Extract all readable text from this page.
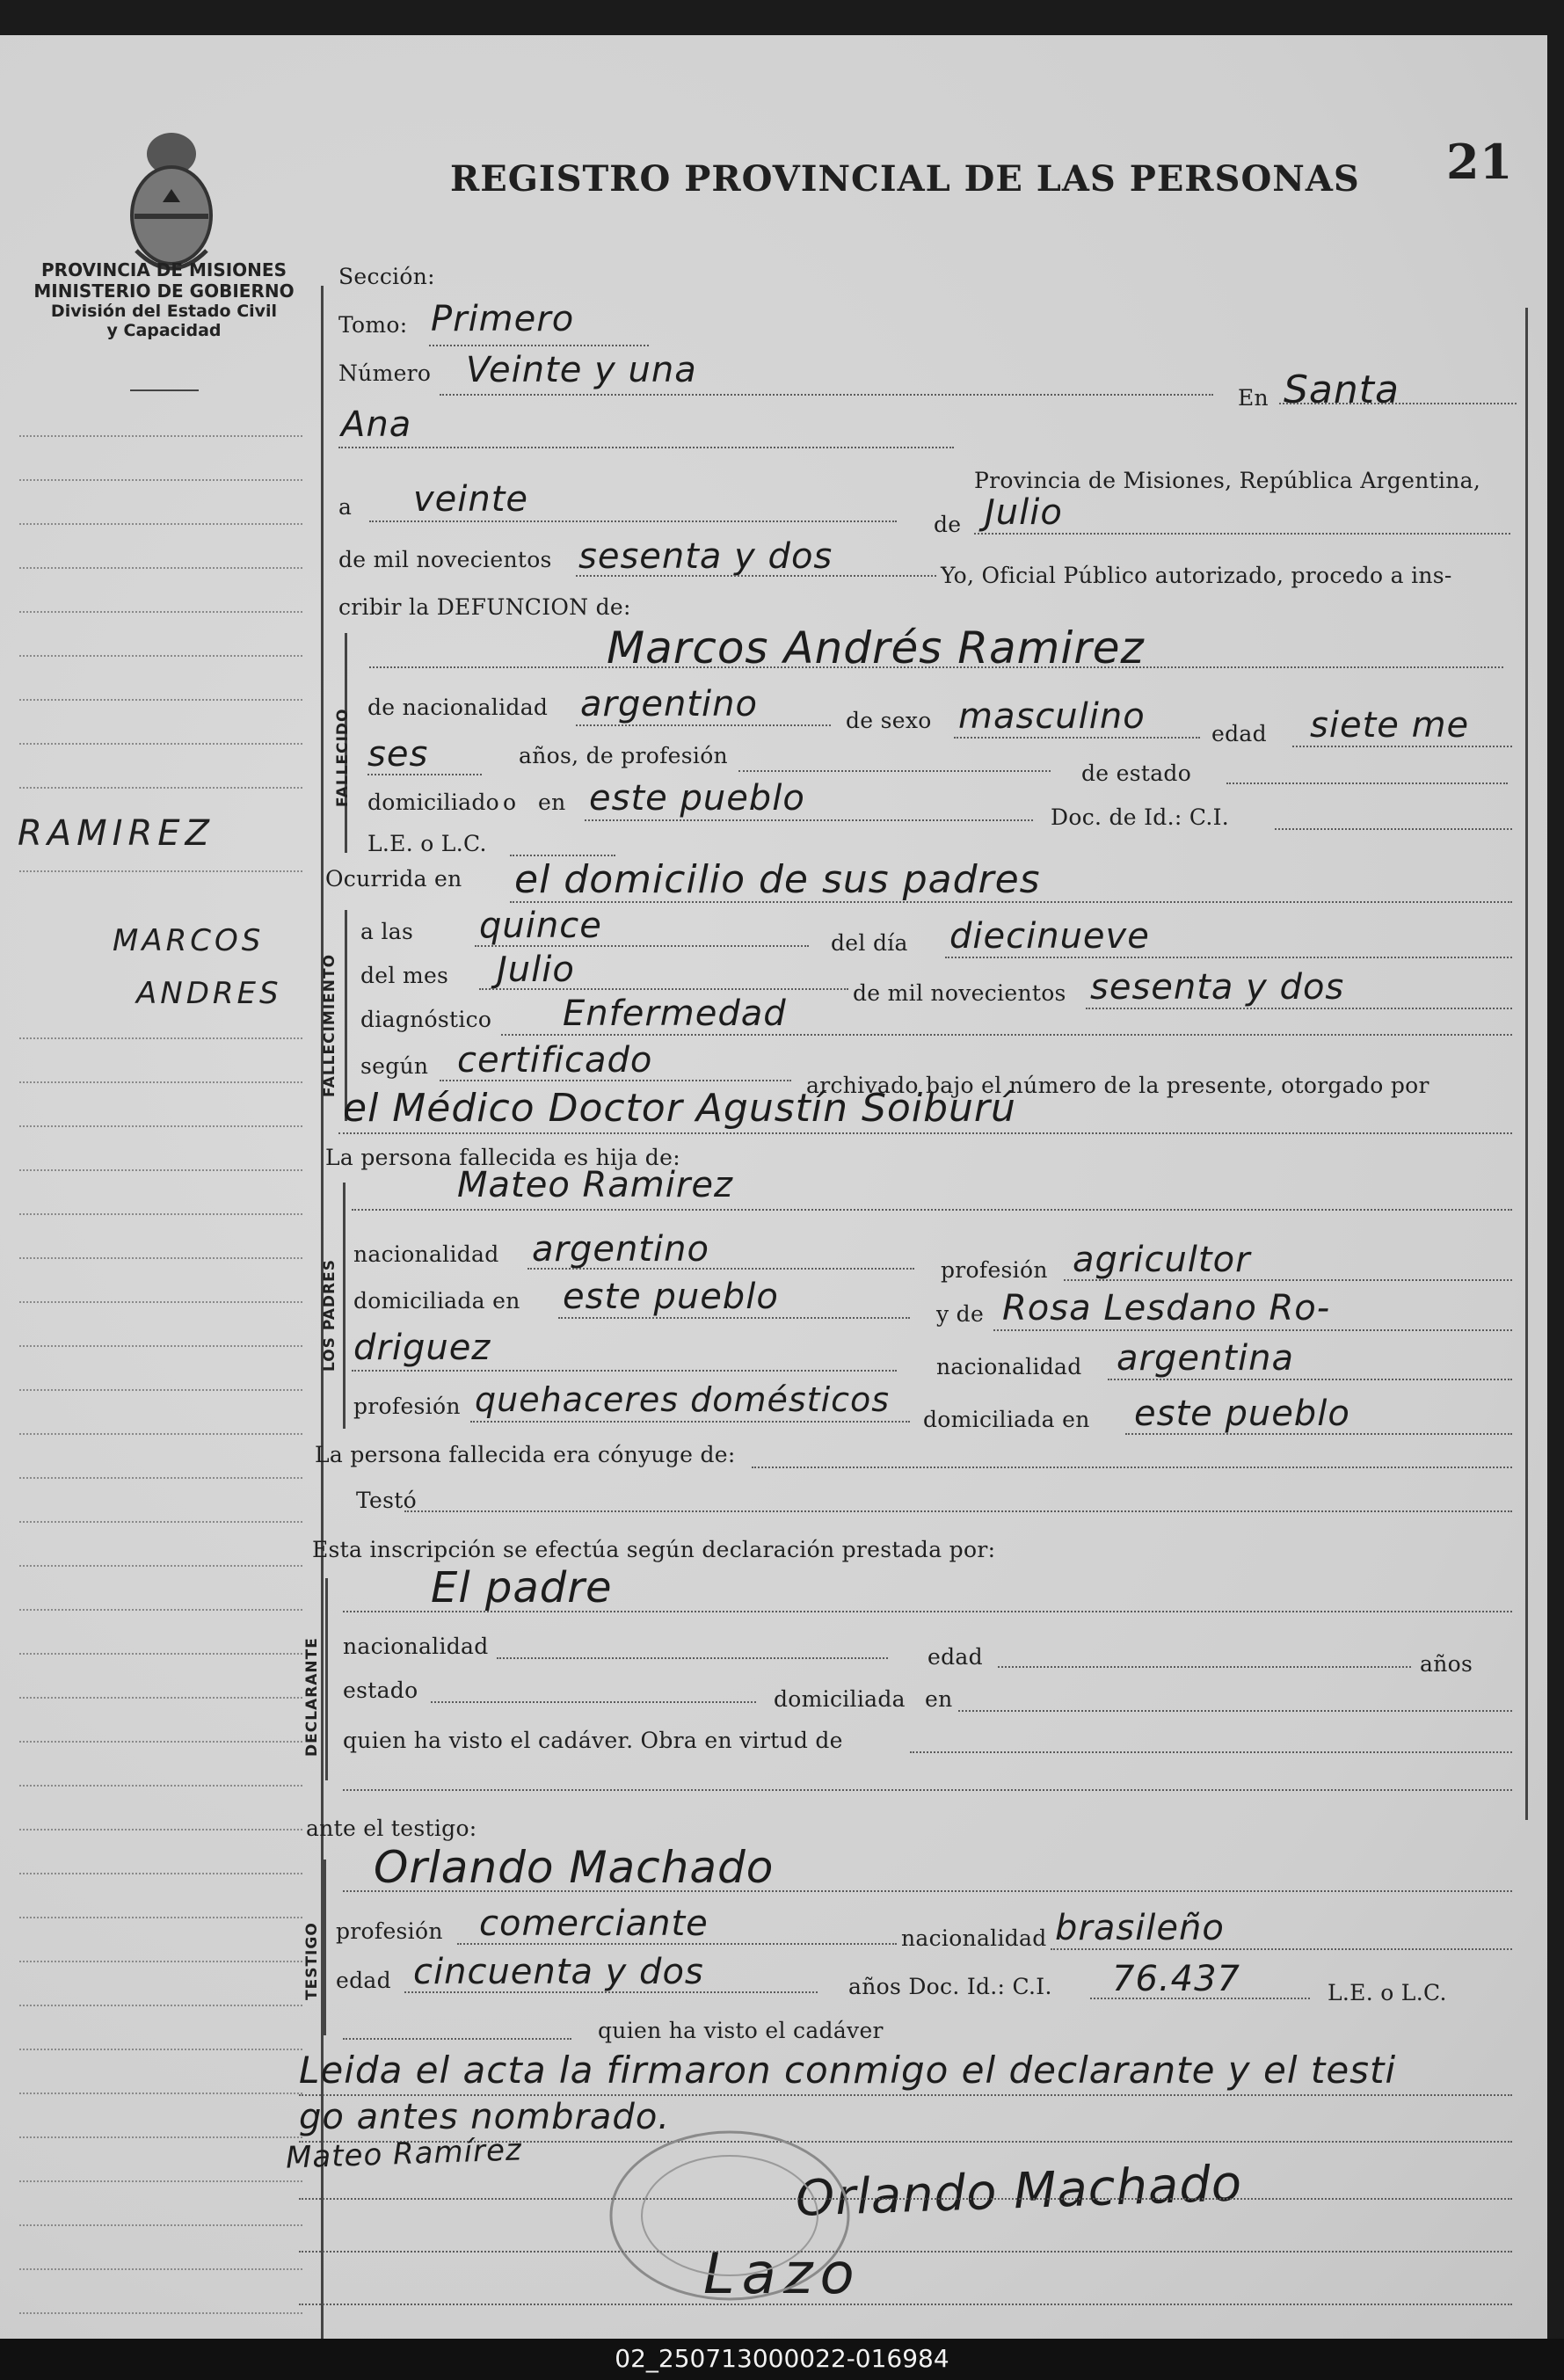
REGISTRO PROVINCIAL DE LAS PERSONAS 21
PROVINCIA DE MISIONES
MINISTERIO DE GOBIERNO
División del Estado Civil
y Capacidad
RAMIREZ
MARCOS
ANDRES
Sección:
Tomo: Primero
Número Veinte y una
En Santa
Ana
Provincia de Misiones, República Argentina,
a veinte
de Julio
de mil novecientos sesenta y dos	Yo, Oficial Público autorizado, procedo a ins-
cribir la DEFUNCION de:
FALLECIDO
Marcos Andrés Ramirez
de nacionalidad argentino	de sexo masculino	edad siete me
ses	años, de profesión
de estado
domiciliado o en este pueblo	Doc. de Id.: C.I.
L.E. o L.C.
Ocurrida en el domicilio de sus padres
FALLECIMIENTO
a las quince	del día diecinueve
del mes Julio
de mil novecientos sesenta y dos
diagnóstico Enfermedad
según certificado
archivado bajo el número de la presente, otorgado por
el Médico Doctor Agustín Soiburú
La persona fallecida es hija de:
LOS PADRES
Mateo Ramirez
nacionalidad argentino
profesión agricultor
domiciliada en este pueblo	y de Rosa Lesdano Ro-
driguez	nacionalidad argentina
profesión quehaceres domésticos
domiciliada en este pueblo
La persona fallecida era cónyuge de:
Testó
Esta inscripción se efectúa según declaración prestada por:
DECLARANTE
El padre
nacionalidad	edad	años
estado	domiciliada en
quien ha visto el cadáver. Obra en virtud de
ante el testigo:
TESTIGO
Orlando Machado
profesión comerciante	nacionalidad brasileño
edad cincuenta y dos	años Doc. Id.: C.I. 76.437	L.E. o L.C.
quien ha visto el cadáver
Leida el acta la firmaron conmigo el declarante y el testi
go antes nombrado.
Mateo Ramírez
Orlando Machado
Lazo
02_250713000022-016984
